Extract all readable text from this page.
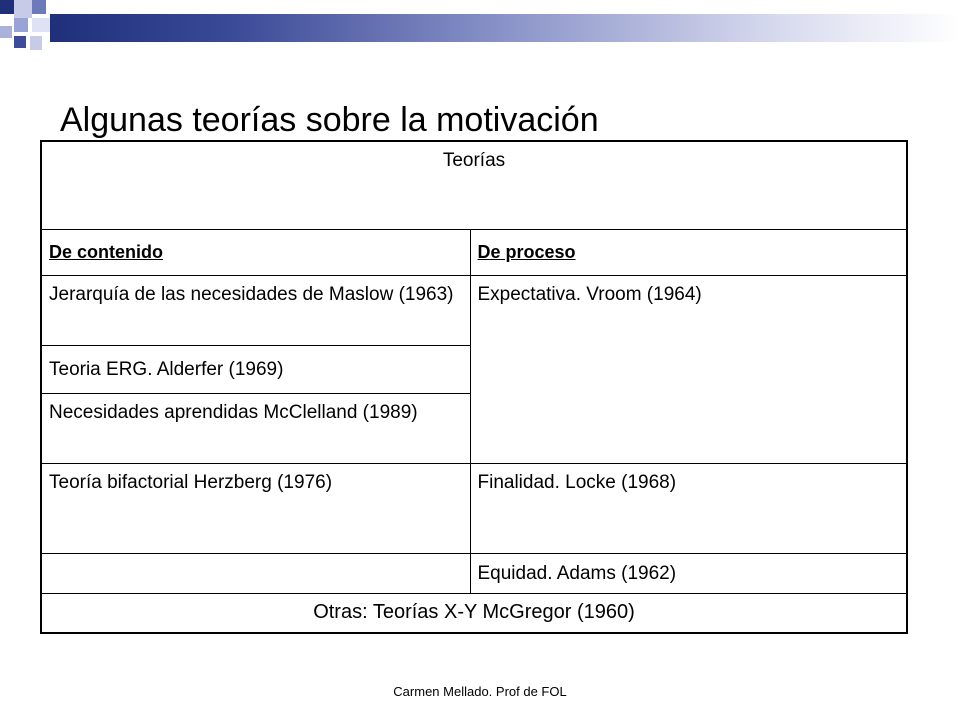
Algunas teorías sobre la motivación
Teorías	
De contenido	De proceso
Jerarquía de las necesidades de Maslow (1963)	Expectativa. Vroom (1964)
Teoria ERG. Alderfer (1969)	
Necesidades aprendidas McClelland (1989)	
Teoría bifactorial Herzberg (1976)	Finalidad. Locke (1968)
	Equidad. Adams (1962)
Otras: Teorías X-Y McGregor (1960)	
Carmen Mellado. Prof de FOL
